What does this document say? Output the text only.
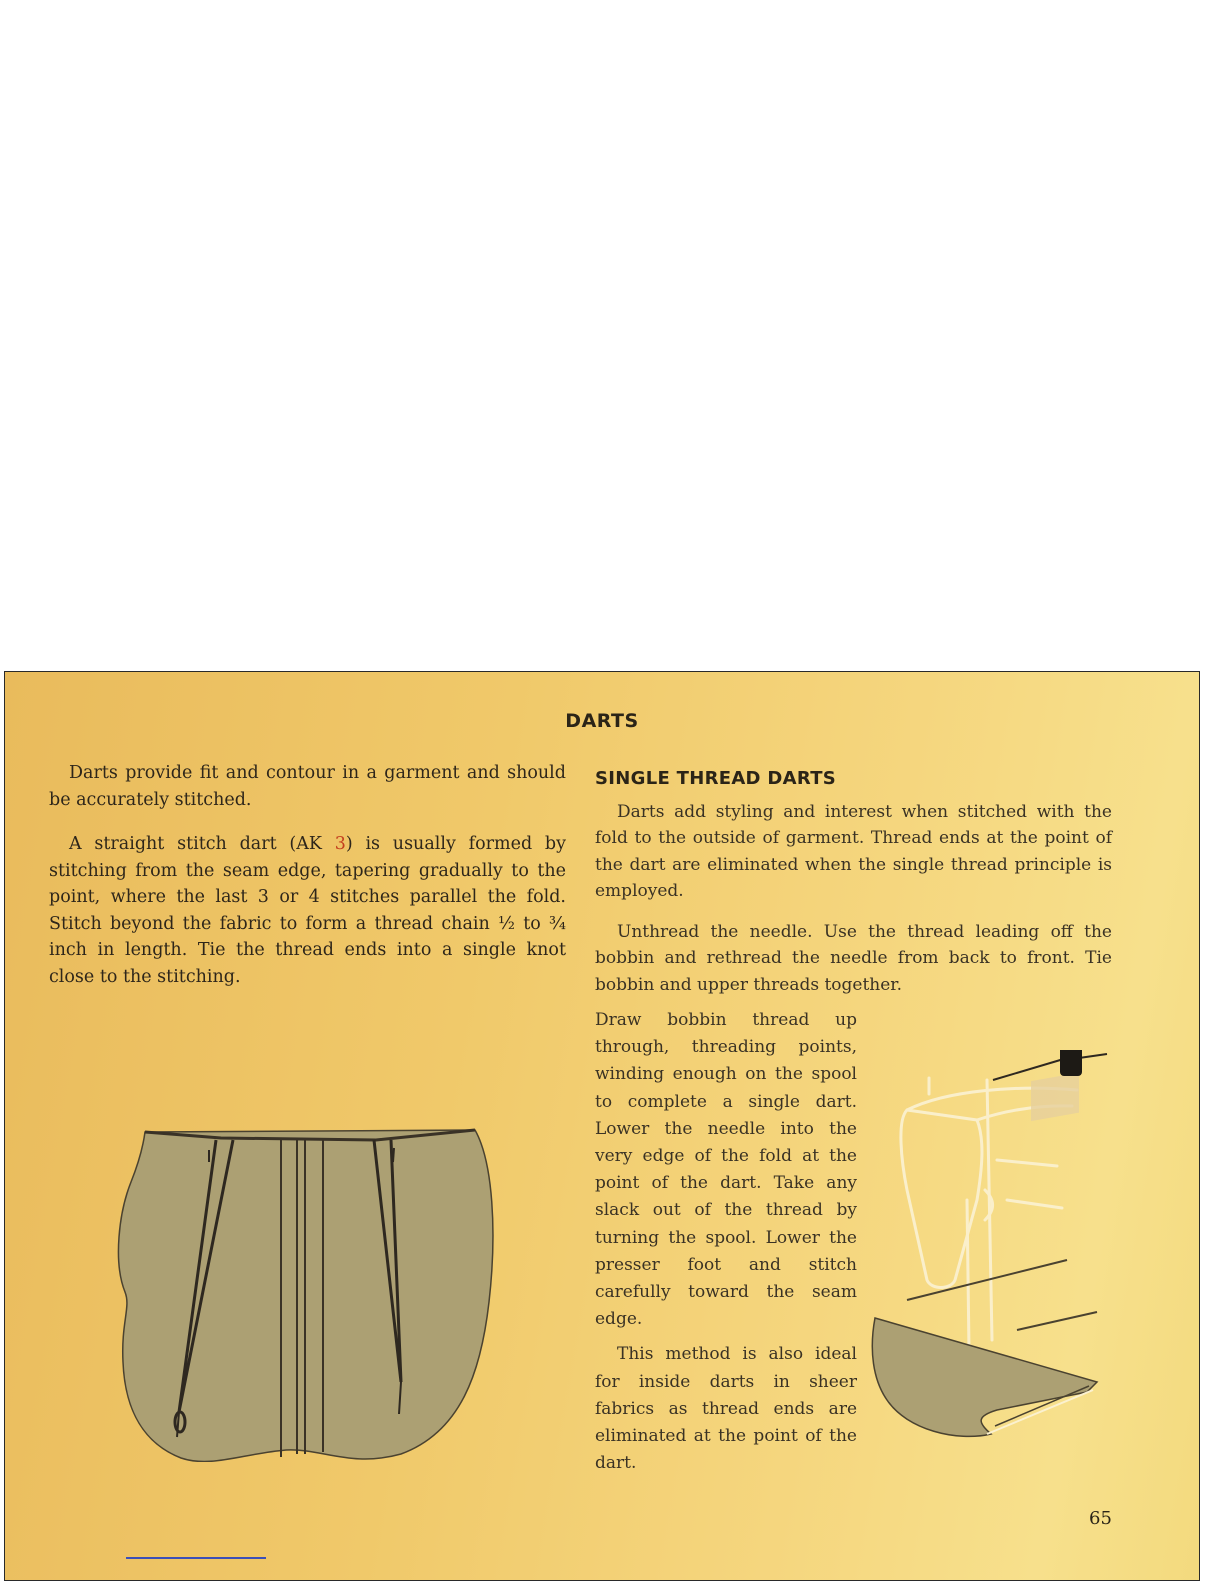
DARTS

Darts provide fit and contour in a garment and should be accurately stitched.

A straight stitch dart (AK 3) is usually formed by stitching from the seam edge, tapering gradually to the point, where the last 3 or 4 stitches parallel the fold. Stitch beyond the fabric to form a thread chain ½ to ¾ inch in length. Tie the thread ends into a single knot close to the stitching.

SINGLE THREAD DARTS

Darts add styling and interest when stitched with the fold to the outside of garment. Thread ends at the point of the dart are eliminated when the single thread principle is employed.

Unthread the needle. Use the thread leading off the bobbin and rethread the needle from back to front. Tie bobbin and upper threads together.

Draw bobbin thread up through, threading points, winding enough on the spool to complete a single dart. Lower the needle into the very edge of the fold at the point of the dart. Take any slack out of the thread by turning the spool. Lower the presser foot and stitch carefully toward the seam edge.

This method is also ideal for inside darts in sheer fabrics as thread ends are eliminated at the point of the dart.

65
